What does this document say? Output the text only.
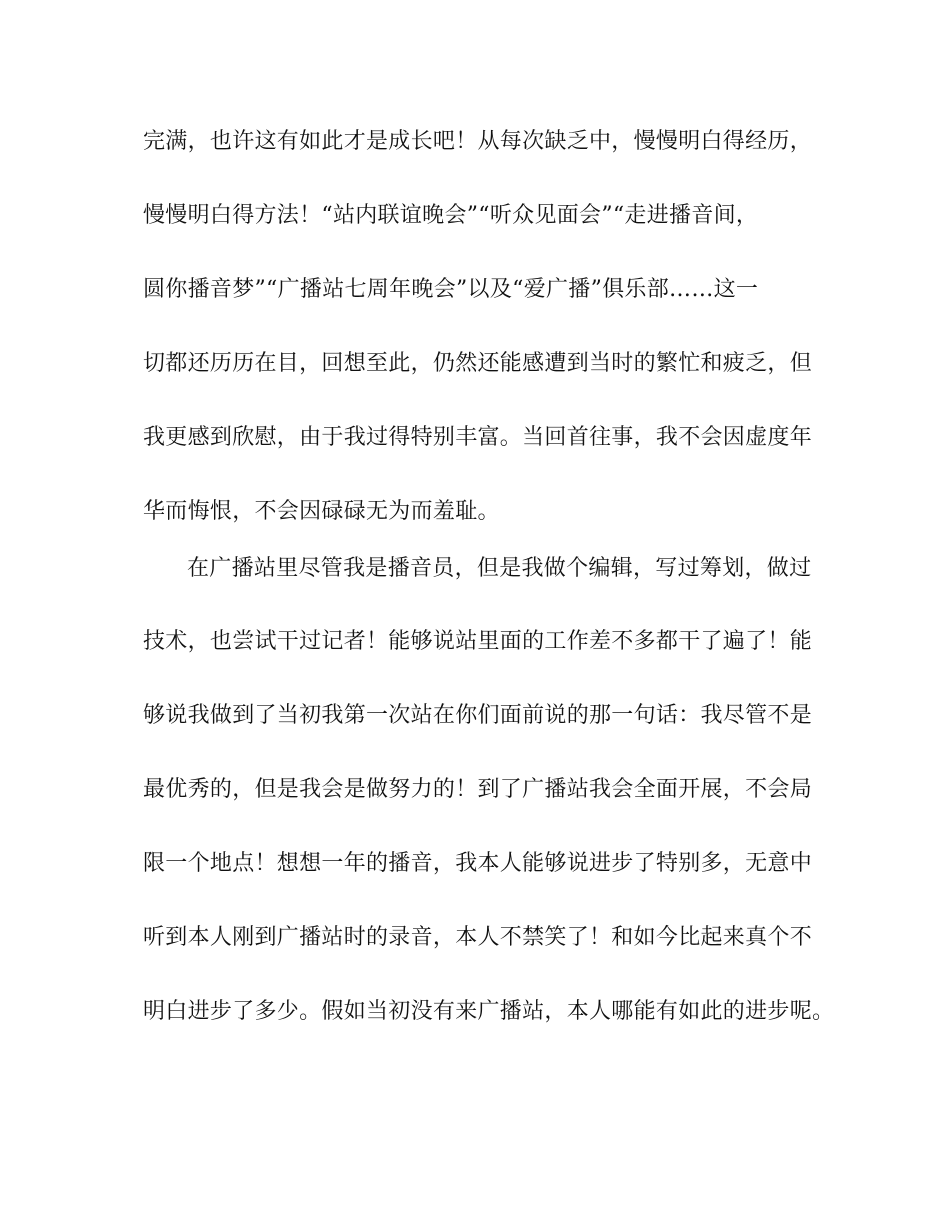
完满，也许这有如此才是成长吧！从每次缺乏中，慢慢明白得经历，

慢慢明白得方法！“站内联谊晚会”“听众见面会”“走进播音间，

圆你播音梦”“广播站七周年晚会”以及“爱广播”俱乐部……这一

切都还历历在目，回想至此，仍然还能感遭到当时的繁忙和疲乏，但

我更感到欣慰，由于我过得特别丰富。当回首往事，我不会因虚度年

华而悔恨，不会因碌碌无为而羞耻。

在广播站里尽管我是播音员，但是我做个编辑，写过筹划，做过

技术，也尝试干过记者！能够说站里面的工作差不多都干了遍了！能

够说我做到了当初我第一次站在你们面前说的那一句话：我尽管不是

最优秀的，但是我会是做努力的！到了广播站我会全面开展，不会局

限一个地点！想想一年的播音，我本人能够说进步了特别多，无意中

听到本人刚到广播站时的录音，本人不禁笑了！和如今比起来真个不

明白进步了多少。假如当初没有来广播站，本人哪能有如此的进步呢。
